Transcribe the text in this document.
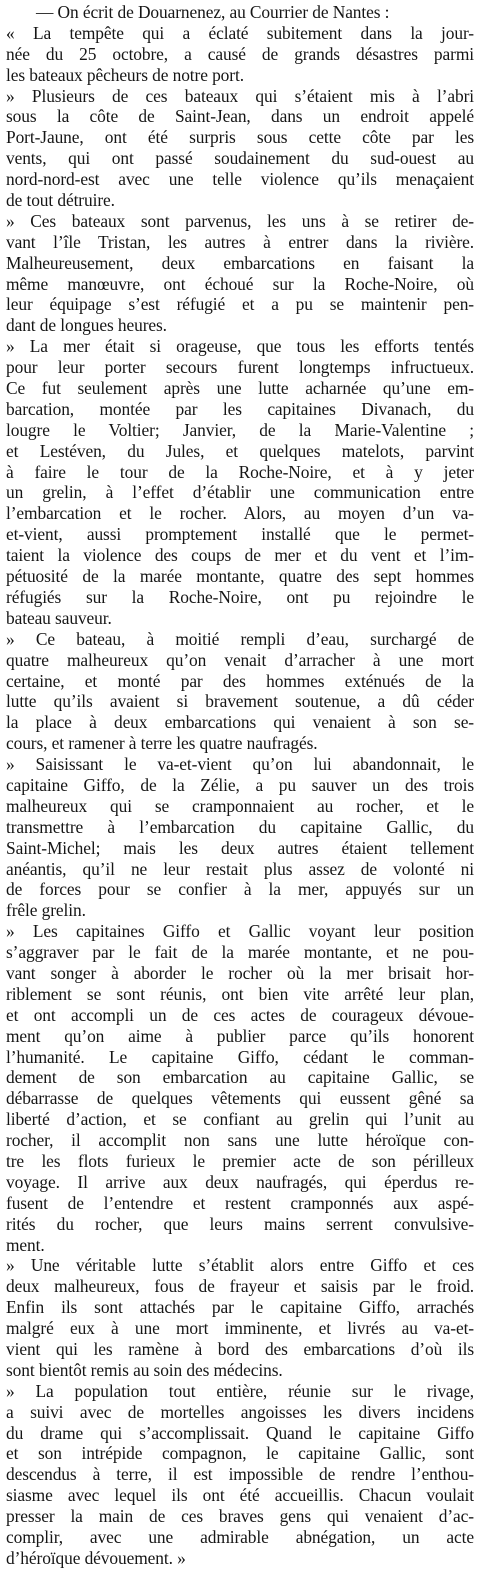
— On écrit de Douarnenez, au Courrier de Nantes :
« La tempête qui a éclaté subitement dans la jour-
née du 25 octobre, a causé de grands désastres parmi
les bateaux pêcheurs de notre port.
» Plusieurs de ces bateaux qui s’étaient mis à l’abri
sous la côte de Saint-Jean, dans un endroit appelé
Port-Jaune, ont été surpris sous cette côte par les
vents, qui ont passé soudainement du sud-ouest au
nord-nord-est avec une telle violence qu’ils menaçaient
de tout détruire.
» Ces bateaux sont parvenus, les uns à se retirer de-
vant l’île Tristan, les autres à entrer dans la rivière.
Malheureusement, deux embarcations en faisant la
même manœuvre, ont échoué sur la Roche-Noire, où
leur équipage s’est réfugié et a pu se maintenir pen-
dant de longues heures.
» La mer était si orageuse, que tous les efforts tentés
pour leur porter secours furent longtemps infructueux.
Ce fut seulement après une lutte acharnée qu’une em-
barcation, montée par les capitaines Divanach, du
lougre le Voltier; Janvier, de la Marie-Valentine ;
et Lestéven, du Jules, et quelques matelots, parvint
à faire le tour de la Roche-Noire, et à y jeter
un grelin, à l’effet d’établir une communication entre
l’embarcation et le rocher. Alors, au moyen d’un va-
et-vient, aussi promptement installé que le permet-
taient la violence des coups de mer et du vent et l’im-
pétuosité de la marée montante, quatre des sept hommes
réfugiés sur la Roche-Noire, ont pu rejoindre le
bateau sauveur.
» Ce bateau, à moitié rempli d’eau, surchargé de
quatre malheureux qu’on venait d’arracher à une mort
certaine, et monté par des hommes exténués de la
lutte qu’ils avaient si bravement soutenue, a dû céder
la place à deux embarcations qui venaient à son se-
cours, et ramener à terre les quatre naufragés.
» Saisissant le va-et-vient qu’on lui abandonnait, le
capitaine Giffo, de la Zélie, a pu sauver un des trois
malheureux qui se cramponnaient au rocher, et le
transmettre à l’embarcation du capitaine Gallic, du
Saint-Michel; mais les deux autres étaient tellement
anéantis, qu’il ne leur restait plus assez de volonté ni
de forces pour se confier à la mer, appuyés sur un
frêle grelin.
» Les capitaines Giffo et Gallic voyant leur position
s’aggraver par le fait de la marée montante, et ne pou-
vant songer à aborder le rocher où la mer brisait hor-
riblement se sont réunis, ont bien vite arrêté leur plan,
et ont accompli un de ces actes de courageux dévoue-
ment qu’on aime à publier parce qu’ils honorent
l’humanité. Le capitaine Giffo, cédant le comman-
dement de son embarcation au capitaine Gallic, se
débarrasse de quelques vêtements qui eussent gêné sa
liberté d’action, et se confiant au grelin qui l’unit au
rocher, il accomplit non sans une lutte héroïque con-
tre les flots furieux le premier acte de son périlleux
voyage. Il arrive aux deux naufragés, qui éperdus re-
fusent de l’entendre et restent cramponnés aux aspé-
rités du rocher, que leurs mains serrent convulsive-
ment.
» Une véritable lutte s’établit alors entre Giffo et ces
deux malheureux, fous de frayeur et saisis par le froid.
Enfin ils sont attachés par le capitaine Giffo, arrachés
malgré eux à une mort imminente, et livrés au va-et-
vient qui les ramène à bord des embarcations d’où ils
sont bientôt remis au soin des médecins.
» La population tout entière, réunie sur le rivage,
a suivi avec de mortelles angoisses les divers incidens
du drame qui s’accomplissait. Quand le capitaine Giffo
et son intrépide compagnon, le capitaine Gallic, sont
descendus à terre, il est impossible de rendre l’enthou-
siasme avec lequel ils ont été accueillis. Chacun voulait
presser la main de ces braves gens qui venaient d’ac-
complir, avec une admirable abnégation, un acte
d’héroïque dévouement. »
